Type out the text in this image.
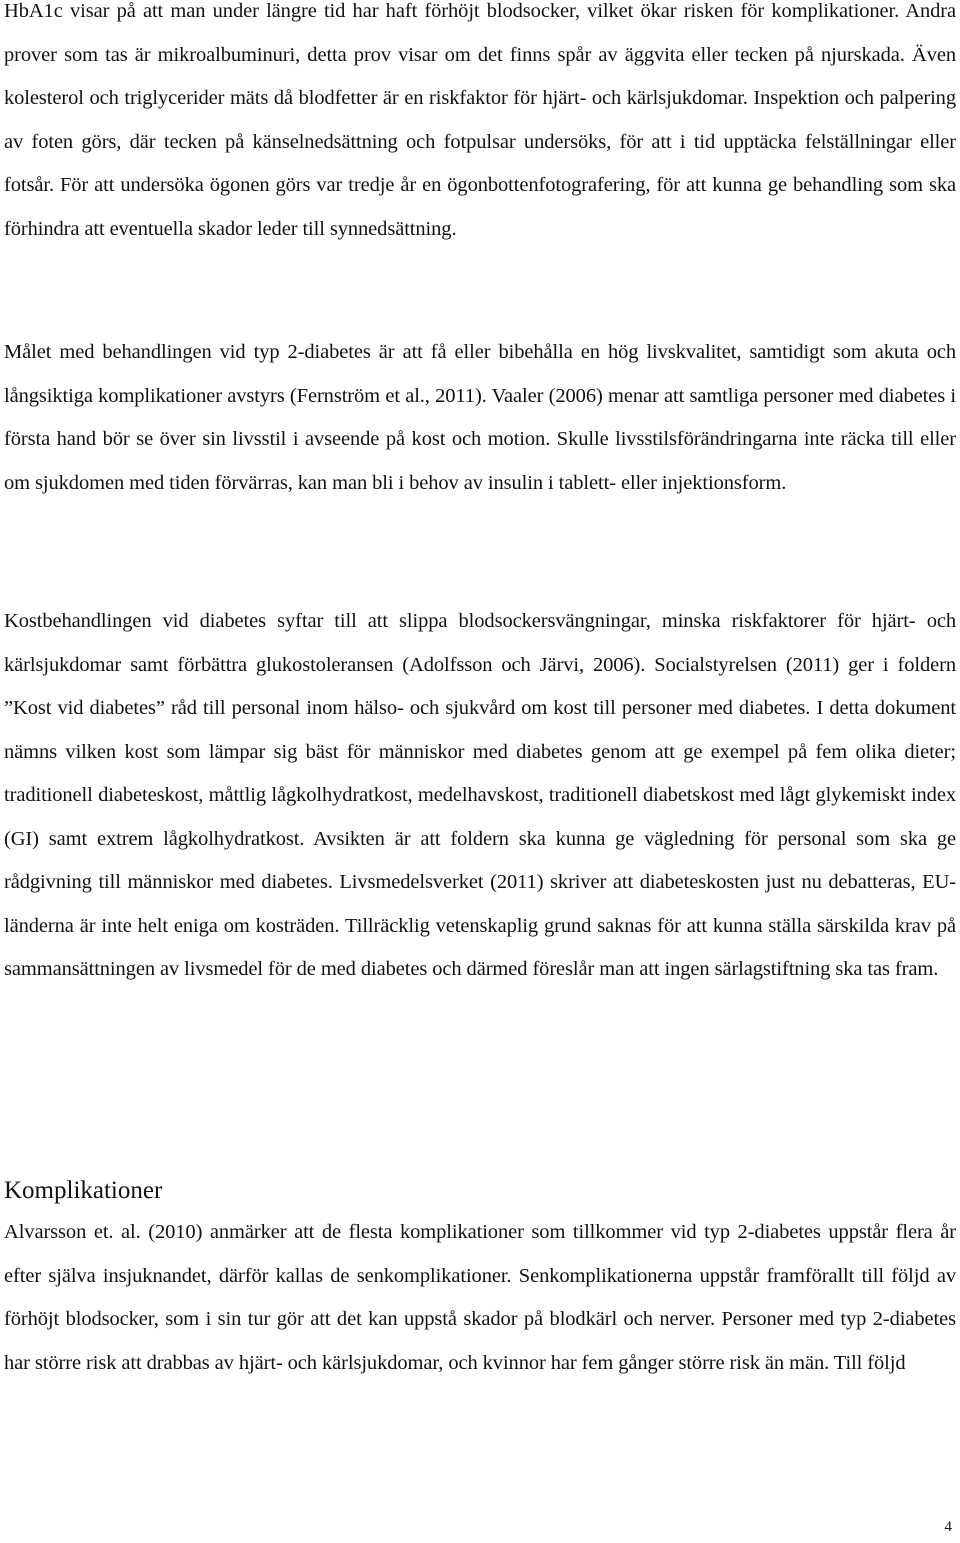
HbA1c visar på att man under längre tid har haft förhöjt blodsocker, vilket ökar risken för komplikationer. Andra prover som tas är mikroalbuminuri, detta prov visar om det finns spår av äggvita eller tecken på njurskada. Även kolesterol och triglycerider mäts då blodfetter är en riskfaktor för hjärt- och kärlsjukdomar. Inspektion och palpering av foten görs, där tecken på känselnedsättning och fotpulsar undersöks, för att i tid upptäcka felställningar eller fotsår. För att undersöka ögonen görs var tredje år en ögonbottenfotografering, för att kunna ge behandling som ska förhindra att eventuella skador leder till synnedsättning.

Målet med behandlingen vid typ 2-diabetes är att få eller bibehålla en hög livskvalitet, samtidigt som akuta och långsiktiga komplikationer avstyrs (Fernström et al., 2011). Vaaler (2006) menar att samtliga personer med diabetes i första hand bör se över sin livsstil i avseende på kost och motion. Skulle livsstilsförändringarna inte räcka till eller om sjukdomen med tiden förvärras, kan man bli i behov av insulin i tablett- eller injektionsform.

Kostbehandlingen vid diabetes syftar till att slippa blodsockersvängningar, minska riskfaktorer för hjärt- och kärlsjukdomar samt förbättra glukostoleransen (Adolfsson och Järvi, 2006). Socialstyrelsen (2011) ger i foldern ”Kost vid diabetes” råd till personal inom hälso- och sjukvård om kost till personer med diabetes. I detta dokument nämns vilken kost som lämpar sig bäst för människor med diabetes genom att ge exempel på fem olika dieter; traditionell diabeteskost, måttlig lågkolhydratkost, medelhavskost, traditionell diabetskost med lågt glykemiskt index (GI) samt extrem lågkolhydratkost. Avsikten är att foldern ska kunna ge vägledning för personal som ska ge rådgivning till människor med diabetes. Livsmedelsverket (2011) skriver att diabeteskosten just nu debatteras, EU-länderna är inte helt eniga om kosträden. Tillräcklig vetenskaplig grund saknas för att kunna ställa särskilda krav på sammansättningen av livsmedel för de med diabetes och därmed föreslår man att ingen särlagstiftning ska tas fram.

Komplikationer

Alvarsson et. al. (2010) anmärker att de flesta komplikationer som tillkommer vid typ 2-diabetes uppstår flera år efter själva insjuknandet, därför kallas de senkomplikationer. Senkomplikationerna uppstår framförallt till följd av förhöjt blodsocker, som i sin tur gör att det kan uppstå skador på blodkärl och nerver. Personer med typ 2-diabetes har större risk att drabbas av hjärt- och kärlsjukdomar, och kvinnor har fem gånger större risk än män. Till följd

4
